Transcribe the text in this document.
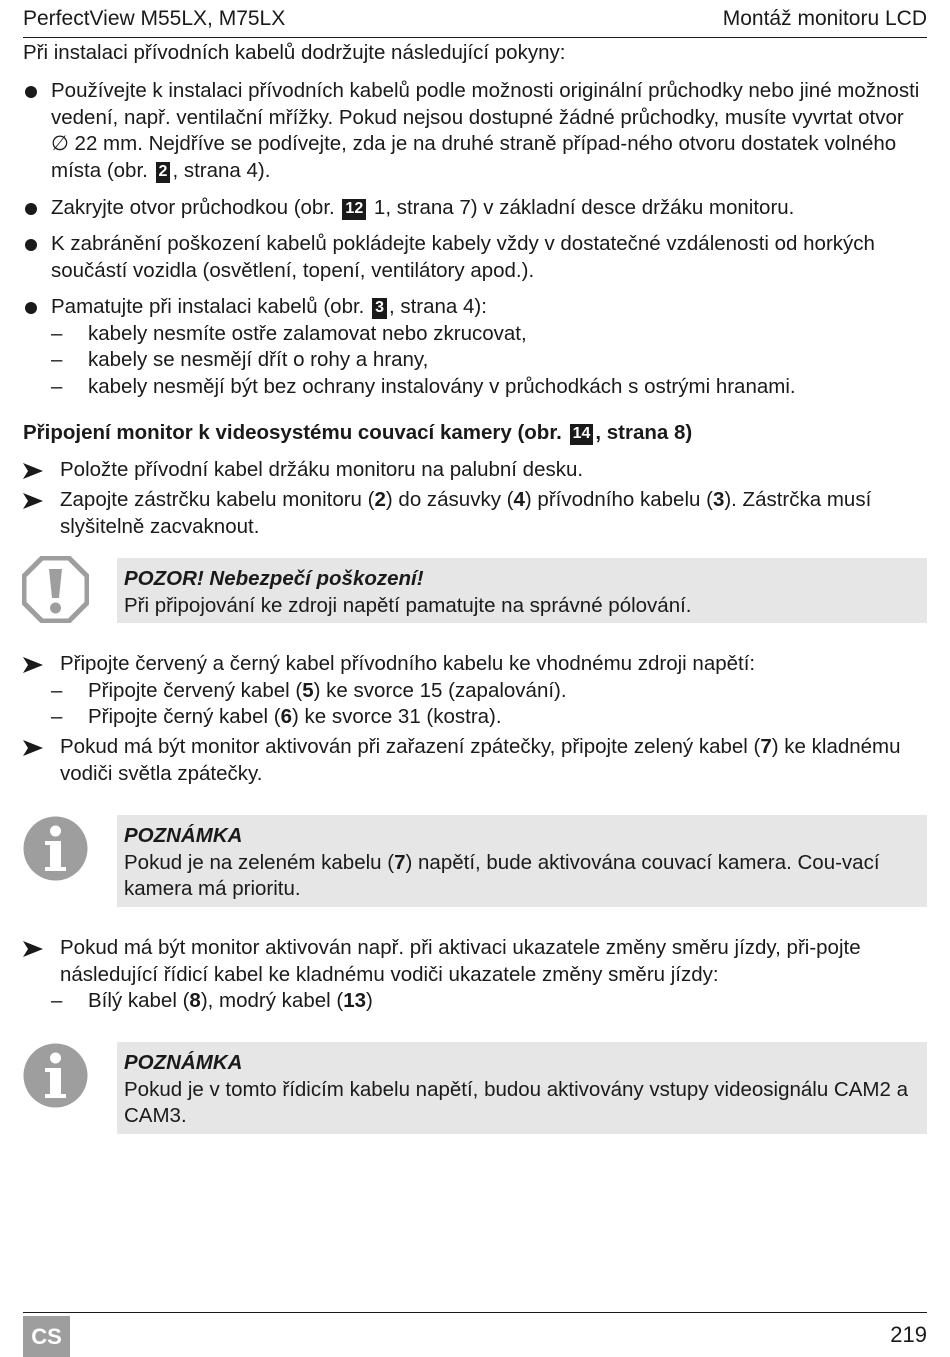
PerfectView M55LX, M75LX	Montáž monitoru LCD
Při instalaci přívodních kabelů dodržujte následující pokyny:
Používejte k instalaci přívodních kabelů podle možnosti originální průchodky nebo jiné možnosti vedení, např. ventilační mřížky. Pokud nejsou dostupné žádné průchodky, musíte vyvrtat otvor ∅ 22 mm. Nejdříve se podívejte, zda je na druhé straně případ-ného otvoru dostatek volného místa (obr. 2 , strana 4).
Zakryjte otvor průchodkou (obr. 12 1, strana 7) v základní desce držáku monitoru.
K zabránění poškození kabelů pokládejte kabely vždy v dostatečné vzdálenosti od horkých součástí vozidla (osvětlení, topení, ventilátory apod.).
Pamatujte při instalaci kabelů (obr. 3 , strana 4):
– kabely nesmíte ostře zalamovat nebo zkrucovat,
– kabely se nesmějí dřít o rohy a hrany,
– kabely nesmějí být bez ochrany instalovány v průchodkách s ostrými hranami.
Připojení monitor k videosystému couvací kamery (obr. 14 , strana 8)
Položte přívodní kabel držáku monitoru na palubní desku.
Zapojte zástrčku kabelu monitoru (2) do zásuvky (4) přívodního kabelu (3). Zástrčka musí slyšitelně zacvaknout.
POZOR! Nebezpečí poškození!
Při připojování ke zdroji napětí pamatujte na správné pólování.
Připojte červený a černý kabel přívodního kabelu ke vhodnému zdroji napětí:
– Připojte červený kabel (5) ke svorce 15 (zapalování).
– Připojte černý kabel (6) ke svorce 31 (kostra).
Pokud má být monitor aktivován při zařazení zpátečky, připojte zelený kabel (7) ke kladnému vodiči světla zpátečky.
POZNÁMKA
Pokud je na zeleném kabelu (7) napětí, bude aktivována couvací kamera. Cou-vací kamera má prioritu.
Pokud má být monitor aktivován např. při aktivaci ukazatele změny směru jízdy, při-pojte následující řídicí kabel ke kladnému vodiči ukazatele změny směru jízdy:
– Bílý kabel (8), modrý kabel (13)
POZNÁMKA
Pokud je v tomto řídicím kabelu napětí, budou aktivovány vstupy videosignálu CAM2 a CAM3.
CS	219
